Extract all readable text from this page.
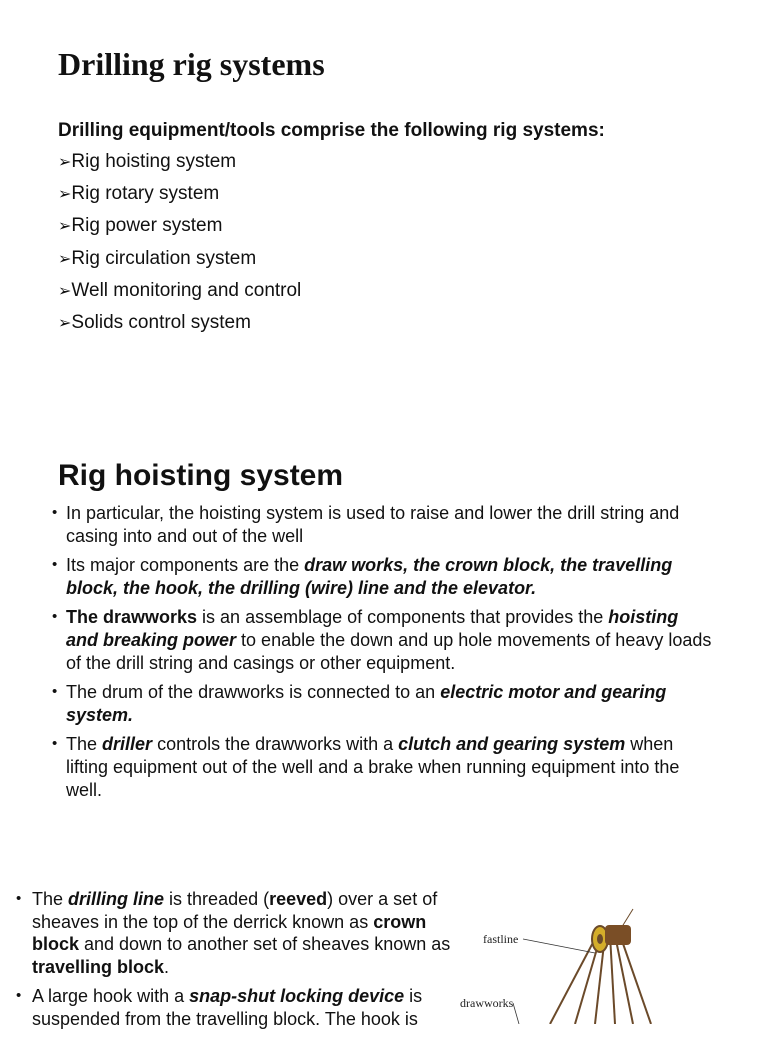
Drilling rig systems

Drilling equipment/tools comprise the following rig systems:

➢Rig hoisting system
➢Rig rotary system
➢Rig power system
➢Rig circulation system
➢Well monitoring and control
➢Solids control system
Rig hoisting system
• In particular, the hoisting system is used to raise and lower the drill string and casing into and out of the well
• Its major components are the draw works, the crown block, the travelling block, the hook, the drilling (wire) line and the elevator.
• The drawworks is an assemblage of components that provides the hoisting and breaking power to enable the down and up hole movements of heavy loads of the drill string and casings or other equipment.
• The drum of the drawworks is connected to an electric motor and gearing system.
• The driller controls the drawworks with a clutch and gearing system when lifting equipment out of the well and a brake when running equipment into the well.
• The drilling line is threaded (reeved) over a set of sheaves in the top of the derrick known as crown block and down to another set of sheaves known as travelling block.
• A large hook with a snap-shut locking device is suspended from the travelling block. The hook is
fastline
drawworks
